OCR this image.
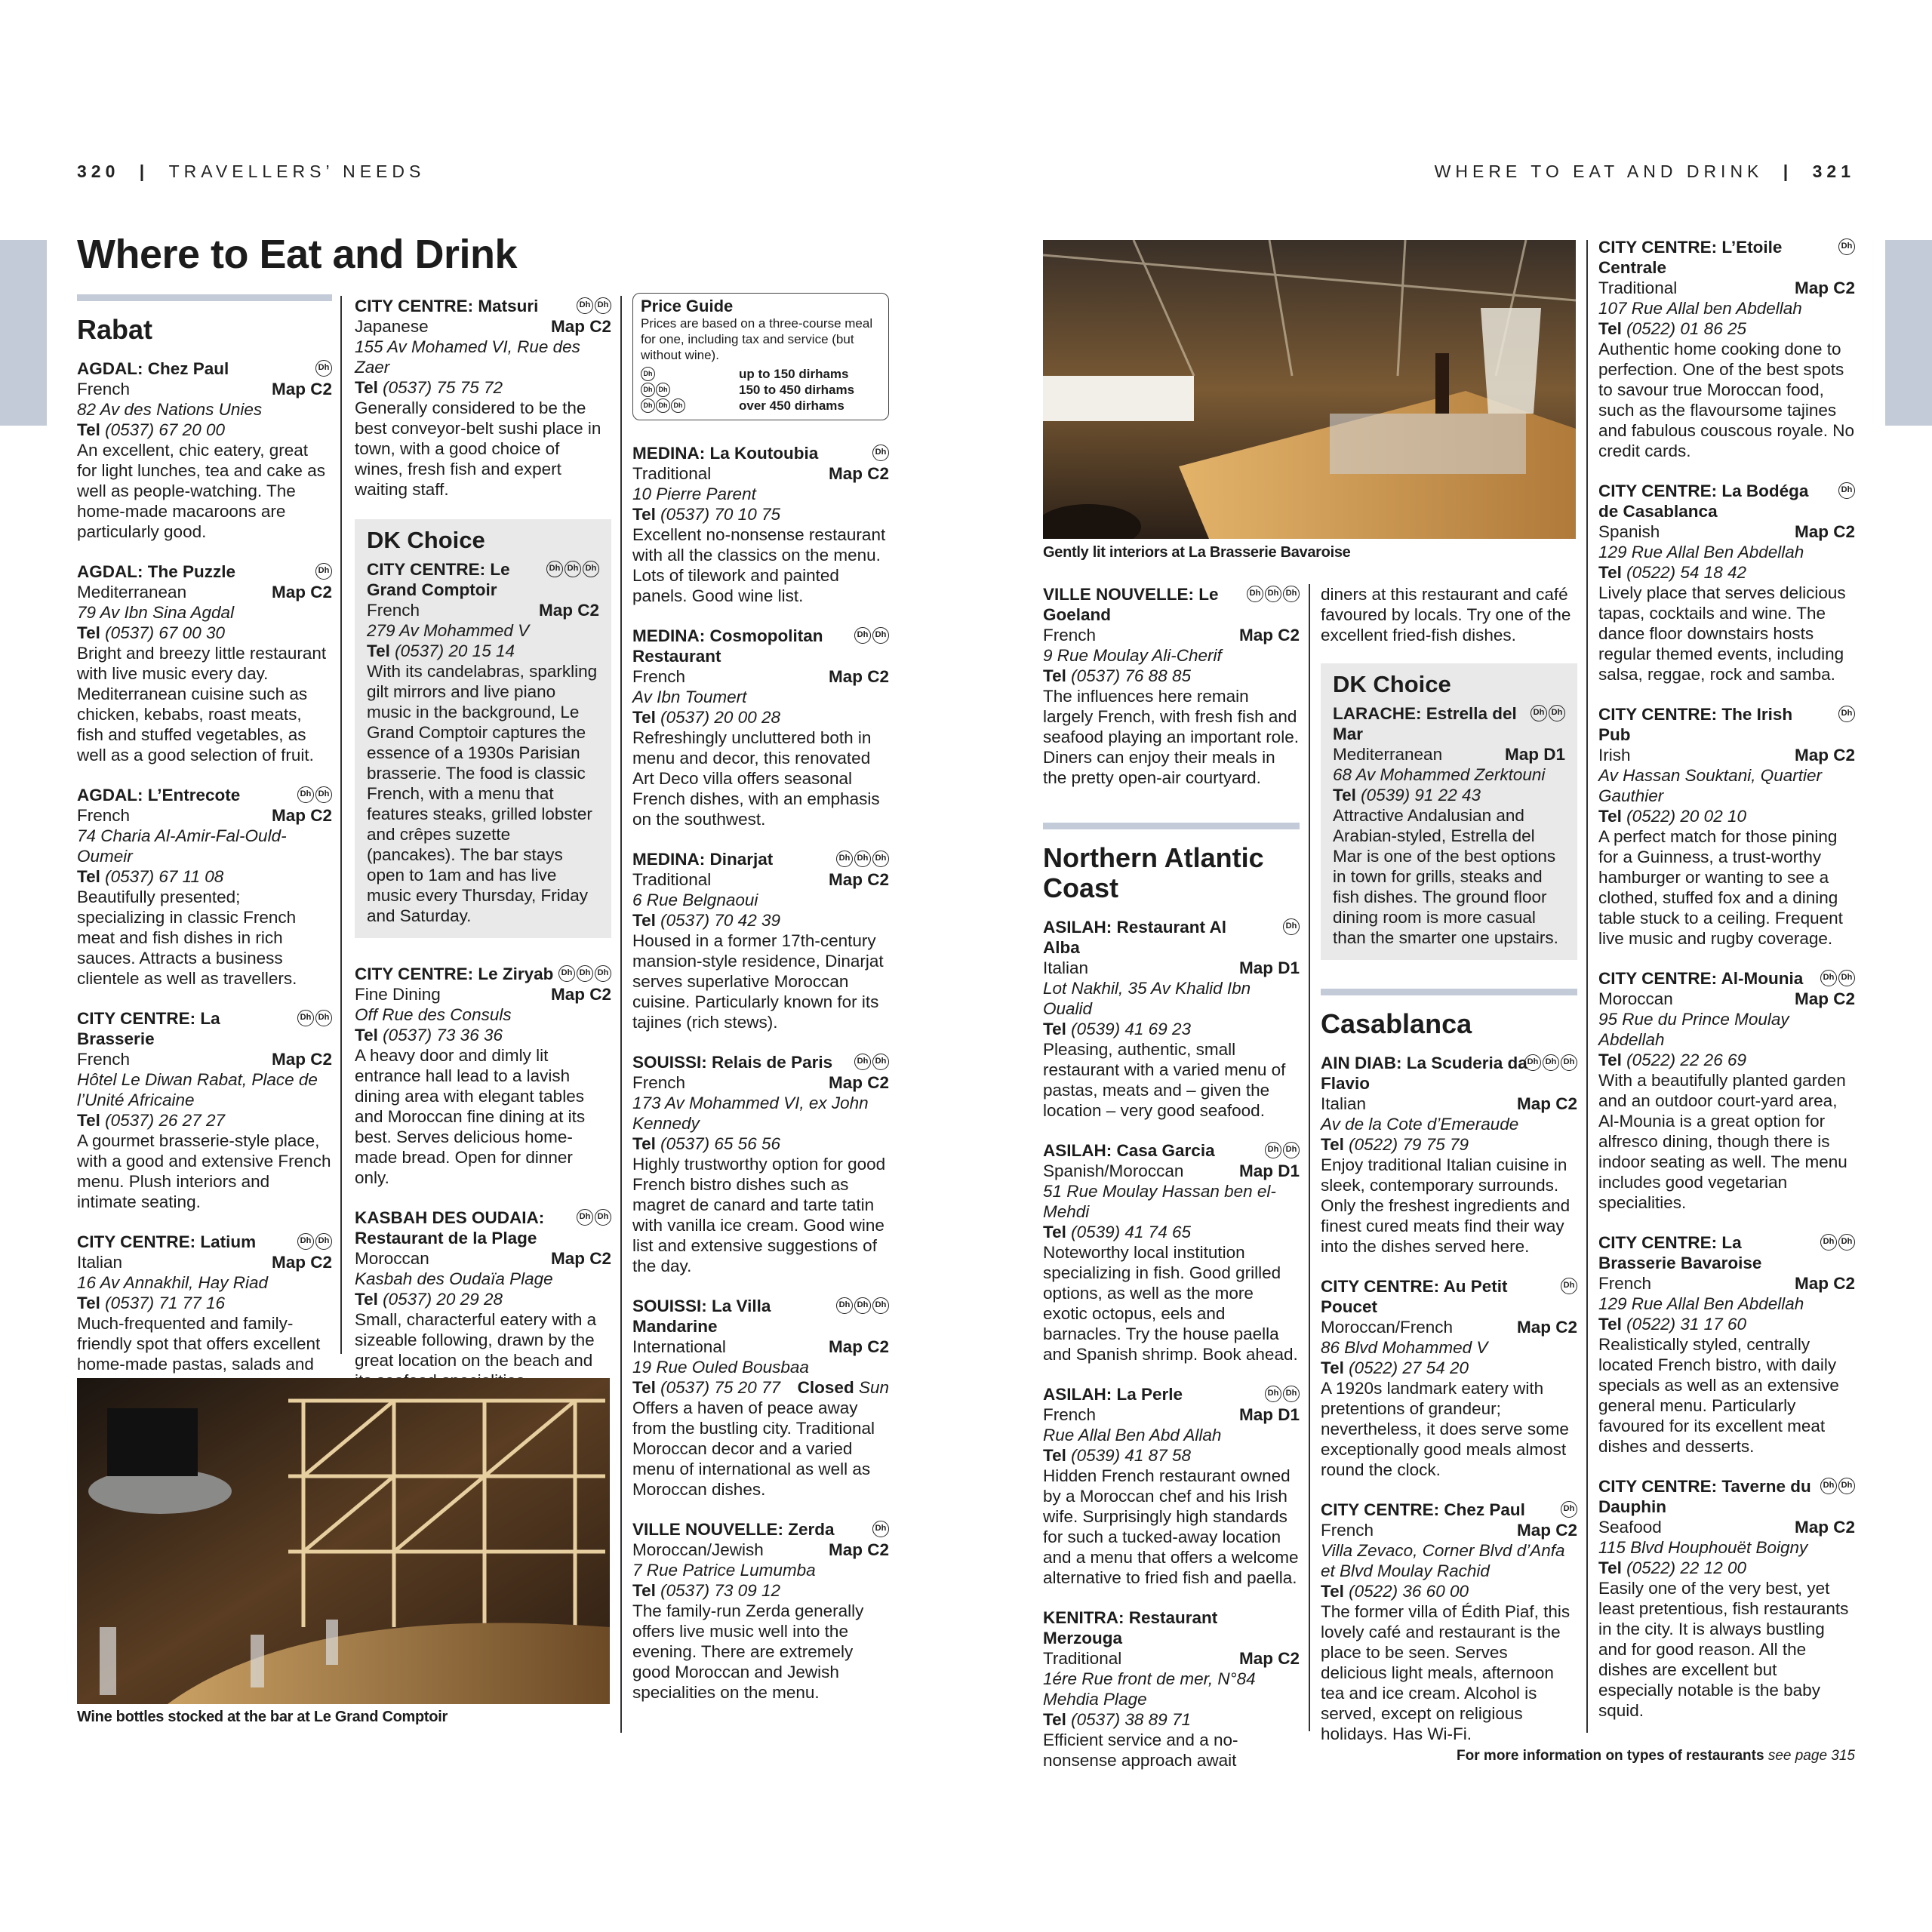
320 | TRAVELLERS’ NEEDS	WHERE TO EAT AND DRINK | 321
Where to Eat and Drink
Rabat
AGDAL: Chez Paul	Dh
French	Map C2
82 Av des Nations Unies
Tel (0537) 67 20 00
An excellent, chic eatery, great for light lunches, tea and cake as well as people-watching. The home-made macaroons are particularly good.
AGDAL: The Puzzle	Dh
Mediterranean	Map C2
79 Av Ibn Sina Agdal
Tel (0537) 67 00 30
Bright and breezy little restaurant with live music every day. Mediterranean cuisine such as chicken, kebabs, roast meats, fish and stuffed vegetables, as well as a good selection of fruit.
AGDAL: L’Entrecote	Dh Dh
French	Map C2
74 Charia Al-Amir-Fal-Ould-Oumeir
Tel (0537) 67 11 08
Beautifully presented; specializing in classic French meat and fish dishes in rich sauces. Attracts a business clientele as well as travellers.
CITY CENTRE: La Brasserie
Dh Dh
French	Map C2
Hôtel Le Diwan Rabat, Place de l’Unité Africaine
Tel (0537) 26 27 27
A gourmet brasserie-style place, with a good and extensive French menu. Plush interiors and intimate seating.
CITY CENTRE: Latium	Dh Dh
Italian	Map C2
16 Av Annakhil, Hay Riad
Tel (0537) 71 77 16
Much-frequented and family-friendly spot that offers excellent home-made pastas, salads and
CITY CENTRE: Matsuri	Dh Dh
Japanese	Map C2
155 Av Mohamed VI, Rue des Zaer
Tel (0537) 75 75 72
Generally considered to be the best conveyor-belt sushi place in town, with a good choice of wines, fresh fish and expert waiting staff.
DK Choice
CITY CENTRE: Le Grand Comptoir
Dh Dh Dh
French	Map C2
279 Av Mohammed V
Tel (0537) 20 15 14
With its candelabras, sparkling gilt mirrors and live piano music in the background, Le Grand Comptoir captures the essence of a 1930s Parisian brasserie. The food is classic French, with a menu that features steaks, grilled lobster and crêpes suzette (pancakes). The bar stays open to 1am and has live music every Thursday, Friday and Saturday.
CITY CENTRE: Le Ziryab Dh Dh Dh
Fine Dining	Map C2
Off Rue des Consuls
Tel (0537) 73 36 36
A heavy door and dimly lit entrance hall lead to a lavish dining area with elegant tables and Moroccan fine dining at its best. Serves delicious home-made bread. Open for dinner only.
KASBAH DES OUDAIA: Restaurant de la Plage
Dh Dh
Moroccan	Map C2
Kasbah des Oudaïa Plage
Tel (0537) 20 29 28
Small, characterful eatery with a sizeable following, drawn by the great location on the beach and
Price Guide
Prices are based on a three-course meal for one, including tax and service (but without wine).
Dh	up to 150 dirhams
Dh Dh	150 to 450 dirhams
Dh Dh Dh	over 450 dirhams
MEDINA: La Koutoubia	Dh
Traditional	Map C2
10 Pierre Parent
Tel (0537) 70 10 75
Excellent no-nonsense restaurant with all the classics on the menu. Lots of tilework and painted panels. Good wine list.
MEDINA: Cosmopolitan Restaurant
Dh Dh
French	Map C2
Av Ibn Toumert
Tel (0537) 20 00 28
Refreshingly uncluttered both in menu and decor, this renovated Art Deco villa offers seasonal French dishes, with an emphasis on the southwest.
MEDINA: Dinarjat	Dh Dh Dh
Traditional	Map C2
6 Rue Belgnaoui
Tel (0537) 70 42 39
Housed in a former 17th-century mansion-style residence, Dinarjat serves superlative Moroccan cuisine. Particularly known for its tajines (rich stews).
SOUISSI: Relais de Paris	Dh Dh
French	Map C2
173 Av Mohammed VI, ex John Kennedy
Tel (0537) 65 56 56
Highly trustworthy option for good French bistro dishes such as magret de canard and tarte tatin with vanilla ice cream. Good wine list and extensive suggestions of the day.
SOUISSI: La Villa Mandarine
Dh Dh Dh
International	Map C2
19 Rue Ouled Bousbaa
Tel (0537) 75 20 77 Closed Sun
Offers a haven of peace away from the bustling city. Traditional Moroccan decor and a varied menu of international as well as Moroccan dishes.
VILLE NOUVELLE: Zerda	Dh
Moroccan/Jewish	Map C2
7 Rue Patrice Lumumba
Tel (0537) 73 09 12
The family-run Zerda generally offers live music well into the evening. There are extremely good Moroccan and Jewish specialities on the menu.
Wine bottles stocked at the bar at Le Grand Comptoir
Gently lit interiors at La Brasserie Bavaroise
VILLE NOUVELLE: Le Goeland
Dh Dh Dh
French	Map C2
9 Rue Moulay Ali-Cherif
Tel (0537) 76 88 85
The influences here remain largely French, with fresh fish and seafood playing an important role. Diners can enjoy their meals in the pretty open-air courtyard.
Northern Atlantic Coast
ASILAH: Restaurant Al Alba
Dh
Italian	Map D1
Lot Nakhil, 35 Av Khalid Ibn Oualid
Tel (0539) 41 69 23
Pleasing, authentic, small restaurant with a varied menu of pastas, meats and – given the location – very good seafood.
ASILAH: Casa Garcia	Dh Dh
Spanish/Moroccan	Map D1
51 Rue Moulay Hassan ben el-Mehdi
Tel (0539) 41 74 65
Noteworthy local institution specializing in fish. Good grilled options, as well as the more exotic octopus, eels and barnacles. Try the house paella and Spanish shrimp. Book ahead.
ASILAH: La Perle	Dh Dh
French	Map D1
Rue Allal Ben Abd Allah
Tel (0539) 41 87 58
Hidden French restaurant owned by a Moroccan chef and his Irish wife. Surprisingly high standards for such a tucked-away location and a menu that offers a welcome alternative to fried fish and paella.
KENITRA: Restaurant Merzouga
Traditional	Map C2
1ére Rue front de mer, N°84 Mehdia Plage
Tel (0537) 38 89 71
Efficient service and a no-nonsense approach await
diners at this restaurant and café favoured by locals. Try one of the excellent fried-fish dishes.
DK Choice
LARACHE: Estrella del Mar
Dh Dh
Mediterranean	Map D1
68 Av Mohammed Zerktouni
Tel (0539) 91 22 43
Attractive Andalusian and Arabian-styled, Estrella del Mar is one of the best options in town for grills, steaks and fish dishes. The ground floor dining room is more casual than the smarter one upstairs.
Casablanca
AIN DIAB: La Scuderia da Flavio
Dh Dh Dh
Italian	Map C2
Av de la Cote d’Emeraude
Tel (0522) 79 75 79
Enjoy traditional Italian cuisine in sleek, contemporary surrounds. Only the freshest ingredients and finest cured meats find their way into the dishes served here.
CITY CENTRE: Au Petit Poucet
Dh
Moroccan/French	Map C2
86 Blvd Mohammed V
Tel (0522) 27 54 20
A 1920s landmark eatery with pretentions of grandeur; nevertheless, it does serve some exceptionally good meals almost round the clock.
CITY CENTRE: Chez Paul	Dh
French	Map C2
Villa Zevaco, Corner Blvd d’Anfa et Blvd Moulay Rachid
Tel (0522) 36 60 00
The former villa of Édith Piaf, this lovely café and restaurant is the place to be seen. Serves delicious light meals, afternoon tea and ice cream. Alcohol is served, except on religious holidays. Has Wi-Fi.
CITY CENTRE: L’Etoile Centrale
Dh
Traditional	Map C2
107 Rue Allal ben Abdellah
Tel (0522) 01 86 25
Authentic home cooking done to perfection. One of the best spots to savour true Moroccan food, such as the flavoursome tajines and fabulous couscous royale. No credit cards.
CITY CENTRE: La Bodéga de Casablanca
Dh
Spanish	Map C2
129 Rue Allal Ben Abdellah
Tel (0522) 54 18 42
Lively place that serves delicious tapas, cocktails and wine. The dance floor downstairs hosts regular themed events, including salsa, reggae, rock and samba.
CITY CENTRE: The Irish Pub
Dh
Irish	Map C2
Av Hassan Souktani, Quartier Gauthier
Tel (0522) 20 02 10
A perfect match for those pining for a Guinness, a trust-worthy hamburger or wanting to see a clothed, stuffed fox and a dining table stuck to a ceiling. Frequent live music and rugby coverage.
CITY CENTRE: Al-Mounia	Dh Dh
Moroccan	Map C2
95 Rue du Prince Moulay Abdellah
Tel (0522) 22 26 69
With a beautifully planted garden and an outdoor court-yard area, Al-Mounia is a great option for alfresco dining, though there is indoor seating as well. The menu includes good vegetarian specialities.
CITY CENTRE: La Brasserie Bavaroise
Dh Dh
French	Map C2
129 Rue Allal Ben Abdellah
Tel (0522) 31 17 60
Realistically styled, centrally located French bistro, with daily specials as well as an extensive general menu. Particularly favoured for its excellent meat dishes and desserts.
CITY CENTRE: Taverne du Dauphin
Dh Dh
Seafood	Map C2
115 Blvd Houphouët Boigny
Tel (0522) 22 12 00
Easily one of the very best, yet least pretentious, fish restaurants in the city. It is always bustling and for good reason. All the dishes are excellent but especially notable is the baby squid.
For more information on types of restaurants see page 315
